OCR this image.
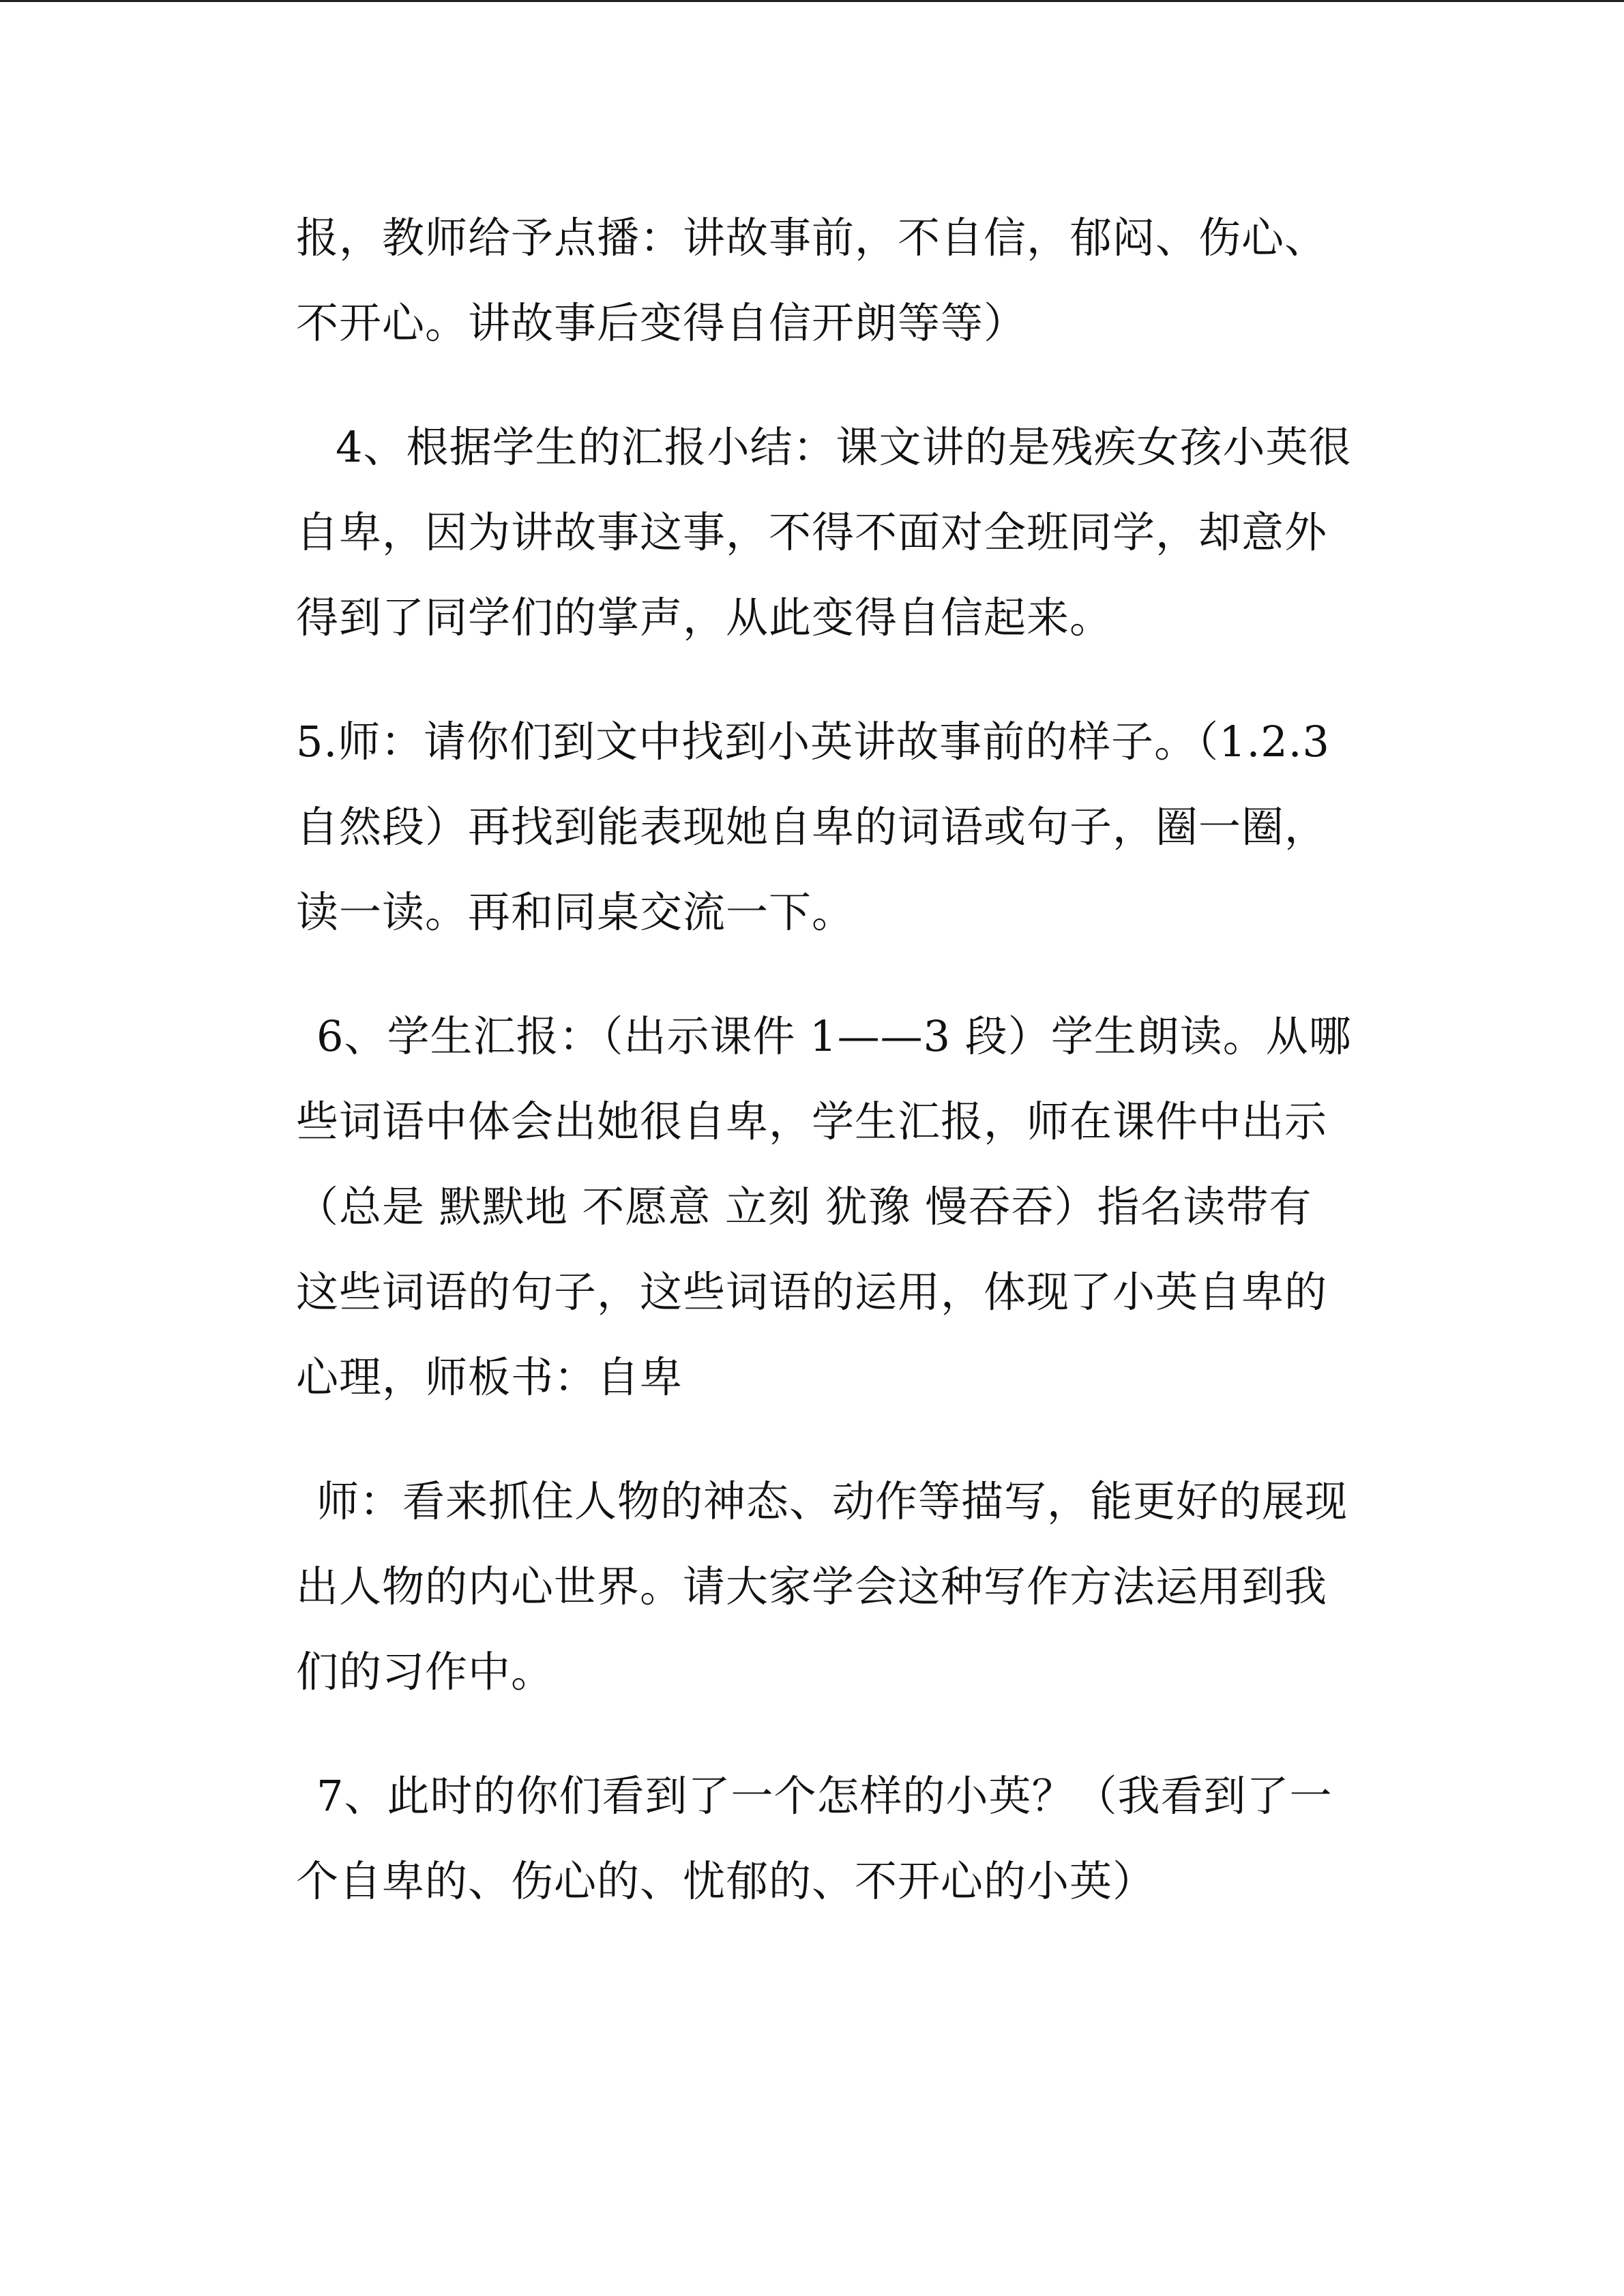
报，教师给予点播：讲故事前，不自信，郁闷、伤心、
不开心。讲故事后变得自信开朗等等）

4、根据学生的汇报小结：课文讲的是残疾女孩小英很
自卑，因为讲故事这事，不得不面对全班同学，却意外
得到了同学们的掌声，从此变得自信起来。

5.师：请你们到文中找到小英讲故事前的样子。（1.2.3
自然段）再找到能表现她自卑的词语或句子，圈一圈，
读一读。再和同桌交流一下。

6、学生汇报：（出示课件 1——3 段）学生朗读。从哪
些词语中体会出她很自卑，学生汇报，师在课件中出示
（总是 默默地 不愿意 立刻 犹豫 慢吞吞）指名读带有
这些词语的句子，这些词语的运用，体现了小英自卑的
心理，师板书：自卑

师：看来抓住人物的神态、动作等描写，能更好的展现
出人物的内心世界。请大家学会这种写作方法运用到我
们的习作中。

7、此时的你们看到了一个怎样的小英？（我看到了一
个自卑的、伤心的、忧郁的、不开心的小英）
